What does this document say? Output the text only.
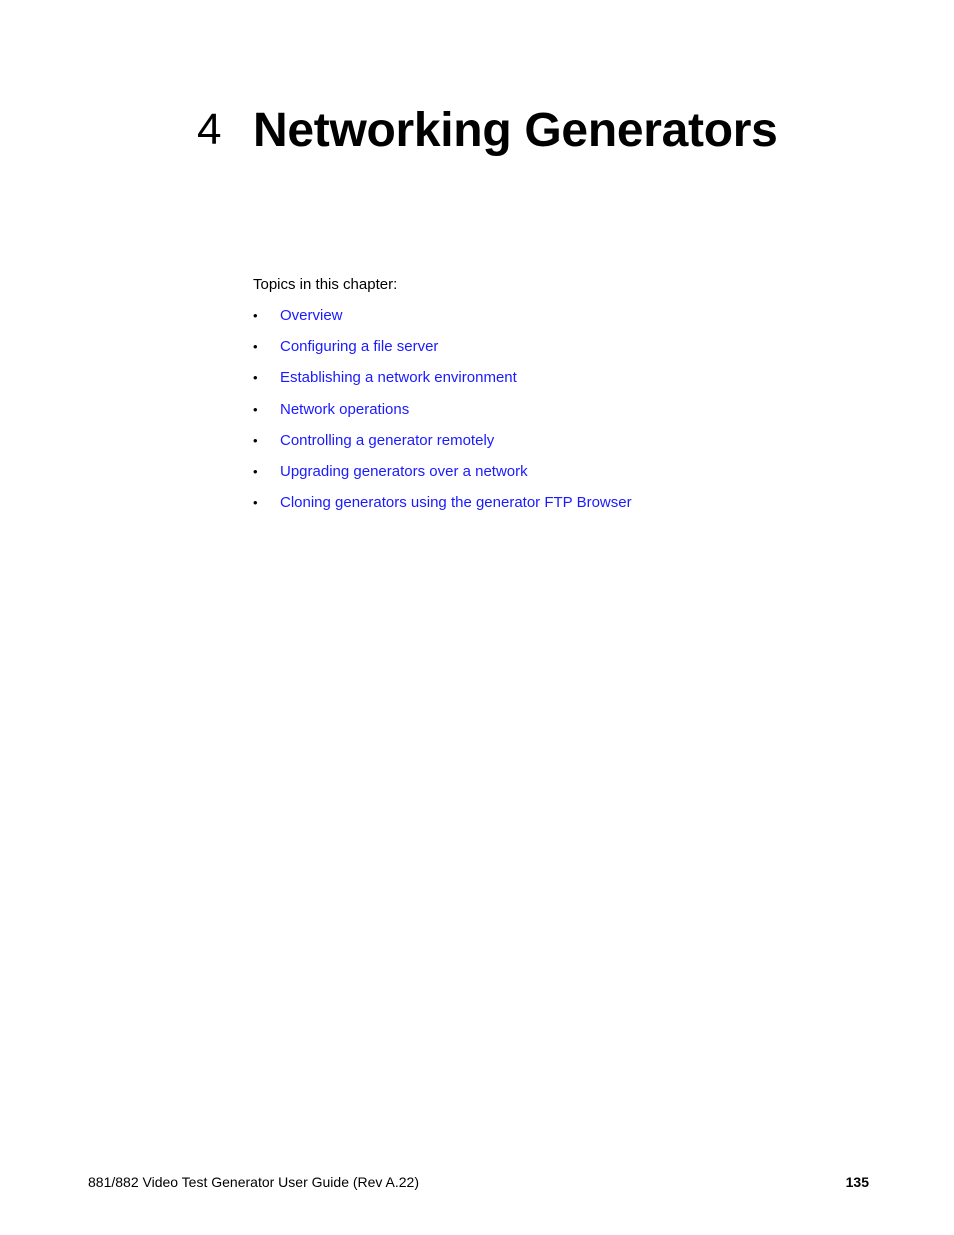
4 Networking Generators
Topics in this chapter:
•	Overview
•	Configuring a file server
•	Establishing a network environment
•	Network operations
•	Controlling a generator remotely
•	Upgrading generators over a network
•	Cloning generators using the generator FTP Browser
881/882 Video Test Generator User Guide (Rev A.22)	135
